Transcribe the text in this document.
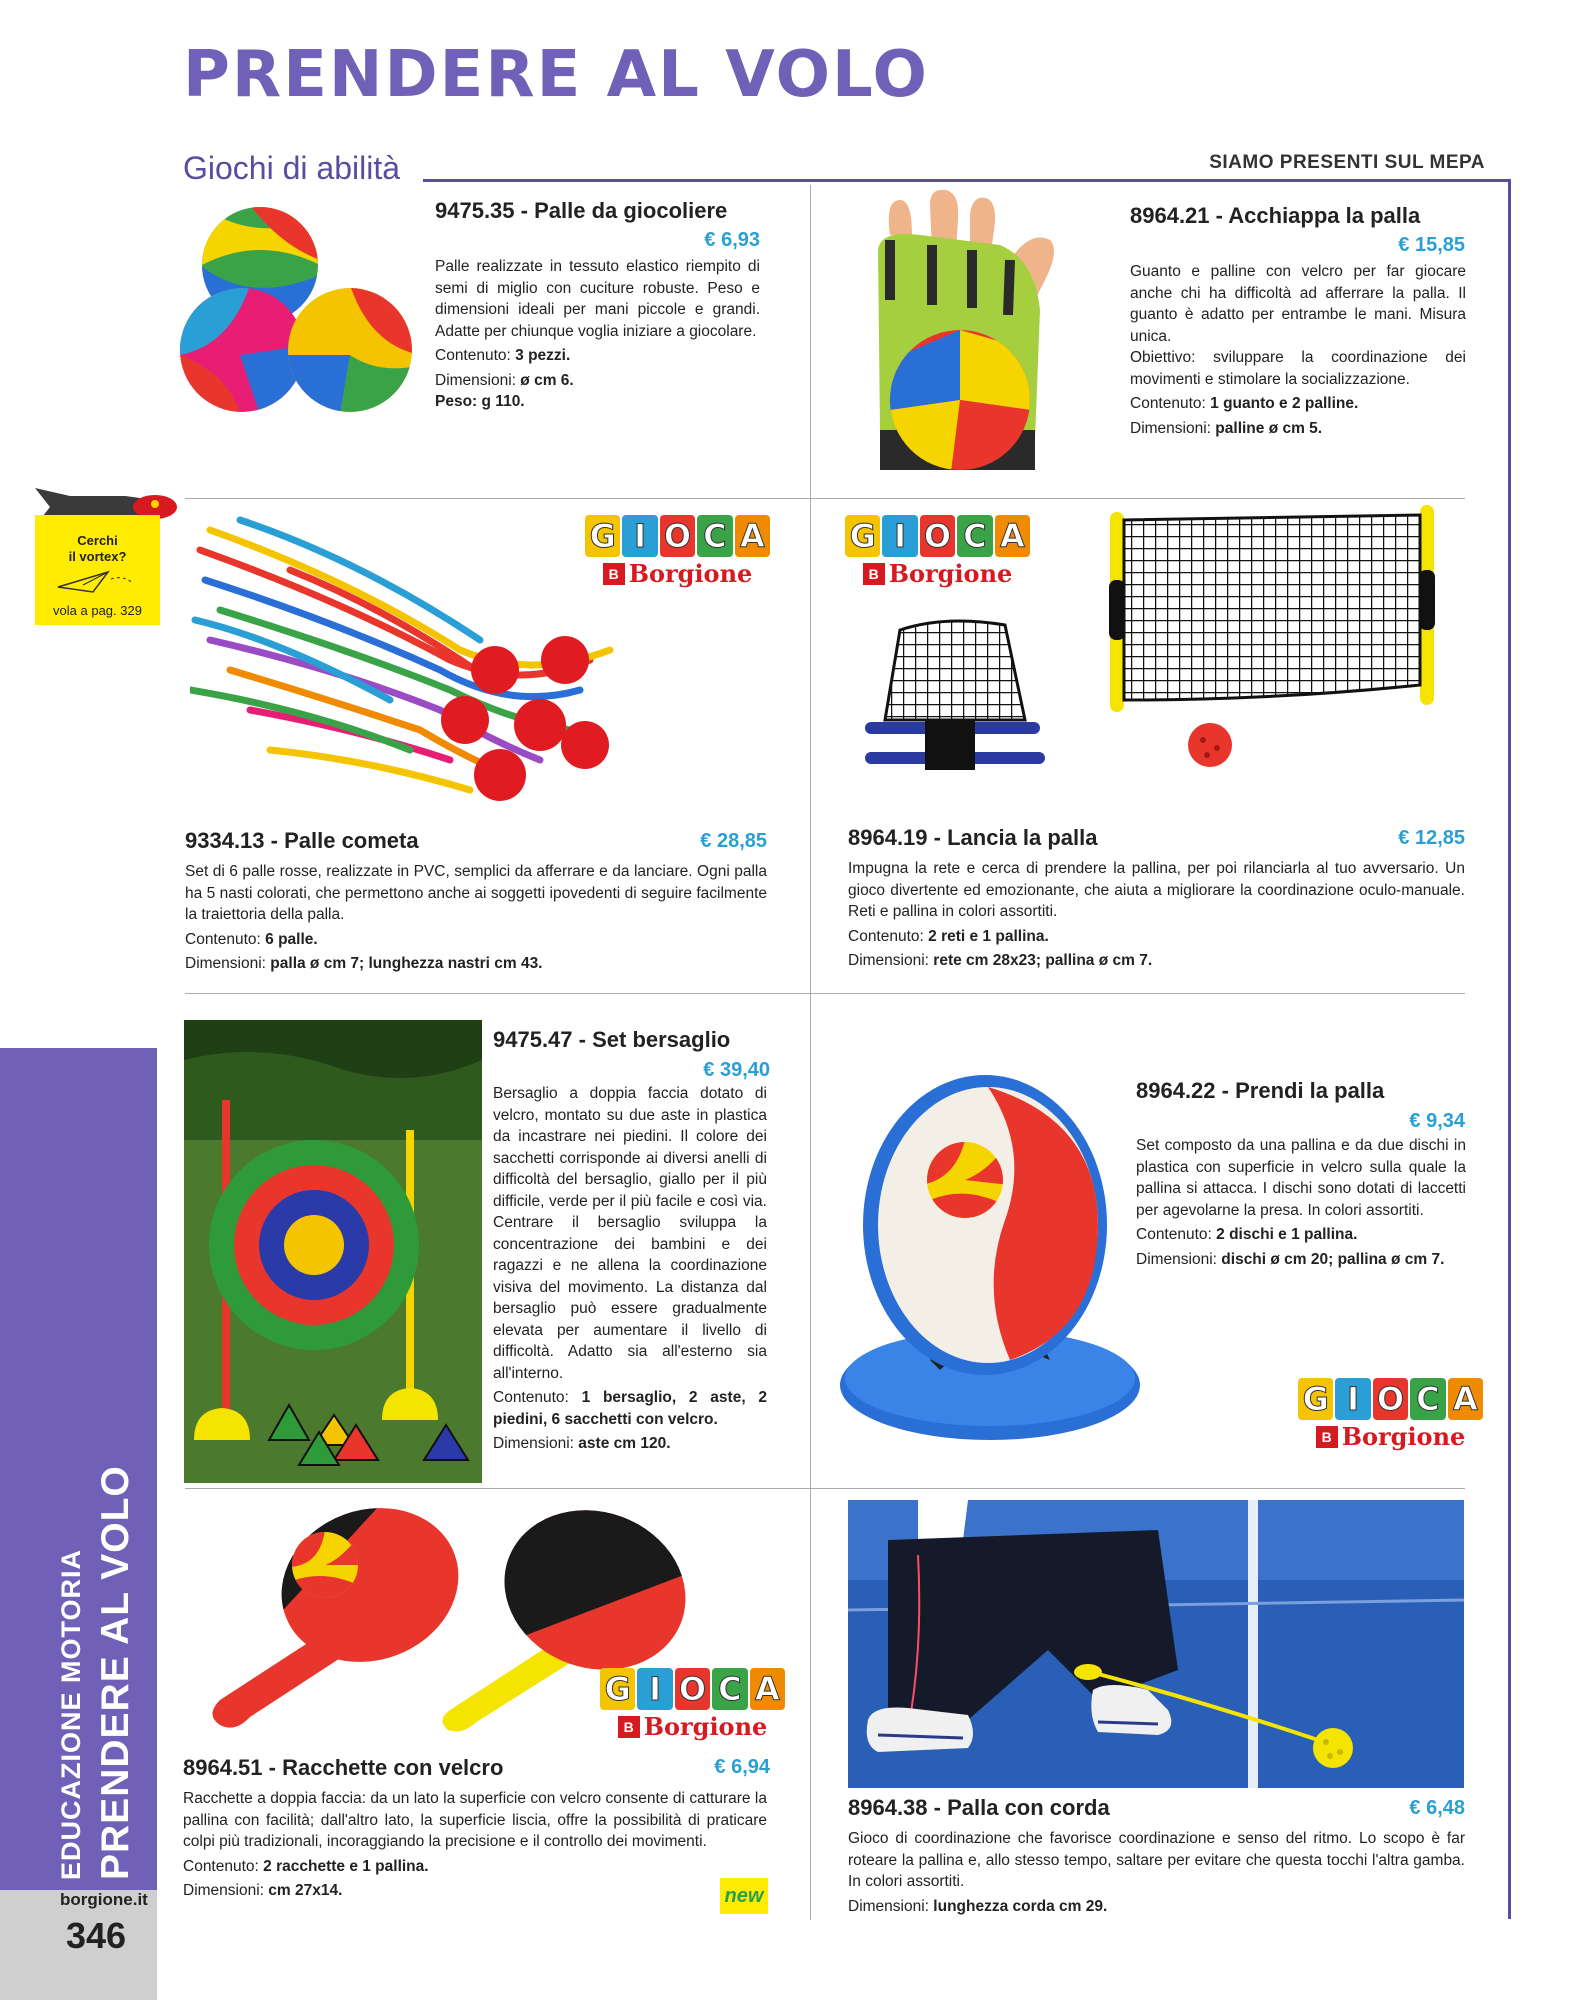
PRENDERE AL VOLO
Giochi di abilità	SIAMO PRESENTI SUL MEPA
EDUCAZIONE MOTORIA PRENDERE AL VOLO
borgione.it
346
Cerchi
il vortex?
vola a pag. 329
9475.35 - Palle da giocoliere
€ 6,93

Palle realizzate in tessuto elastico riempito di semi di miglio con cuciture robuste. Peso e dimensioni ideali per mani piccole e grandi. Adatte per chiunque voglia iniziare a giocolare.

Contenuto: 3 pezzi.

Dimensioni: ø cm 6.

Peso: g 110.

8964.21 - Acchiappa la palla
€ 15,85

Guanto e palline con velcro per far giocare anche chi ha difficoltà ad afferrare la palla. Il guanto è adatto per entrambe le mani. Misura unica.

Obiettivo: sviluppare la coordinazione dei movimenti e stimolare la socializzazione.

Contenuto: 1 guanto e 2 palline.

Dimensioni: palline ø cm 5.

G I O C A
B Borgione
9334.13 - Palle cometa	€ 28,85

Set di 6 palle rosse, realizzate in PVC, semplici da afferrare e da lanciare. Ogni palla ha 5 nasti colorati, che permettono anche ai soggetti ipovedenti di seguire facilmente la traiettoria della palla.

Contenuto: 6 palle.

Dimensioni: palla ø cm 7; lunghezza nastri cm 43.

G I O C A
B Borgione
8964.19 - Lancia la palla	€ 12,85

Impugna la rete e cerca di prendere la pallina, per poi rilanciarla al tuo avversario. Un gioco divertente ed emozionante, che aiuta a migliorare la coordinazione oculo-manuale. Reti e pallina in colori assortiti.

Contenuto: 2 reti e 1 pallina.

Dimensioni: rete cm 28x23; pallina ø cm 7.

9475.47 - Set bersaglio
€ 39,40

Bersaglio a doppia faccia dotato di velcro, montato su due aste in plastica da incastrare nei piedini. Il colore dei sacchetti corrisponde ai diversi anelli di difficoltà del bersaglio, giallo per il più difficile, verde per il più facile e così via. Centrare il bersaglio sviluppa la concentrazione dei bambini e dei ragazzi e ne allena la coordinazione visiva del movimento. La distanza dal bersaglio può essere gradualmente elevata per aumentare il livello di difficoltà. Adatto sia all'esterno sia all'interno.

Contenuto: 1 bersaglio, 2 aste, 2 piedini, 6 sacchetti con velcro.

Dimensioni: aste cm 120.

8964.22 - Prendi la palla
€ 9,34

Set composto da una pallina e da due dischi in plastica con superficie in velcro sulla quale la pallina si attacca. I dischi sono dotati di laccetti per agevolarne la presa. In colori assortiti.

Contenuto: 2 dischi e 1 pallina.

Dimensioni: dischi ø cm 20; pallina ø cm 7.

G I O C A
B Borgione
G I O C A
B Borgione
8964.51 - Racchette con velcro	€ 6,94

Racchette a doppia faccia: da un lato la superficie con velcro consente di catturare la pallina con facilità; dall'altro lato, la superficie liscia, offre la possibilità di praticare colpi più tradizionali, incoraggiando la precisione e il controllo dei movimenti.

Contenuto: 2 racchette e 1 pallina.

Dimensioni: cm 27x14.	new
8964.38 - Palla con corda	€ 6,48

Gioco di coordinazione che favorisce coordinazione e senso del ritmo. Lo scopo è far roteare la pallina e, allo stesso tempo, saltare per evitare che questa tocchi l'altra gamba. In colori assortiti.

Dimensioni: lunghezza corda cm 29.
